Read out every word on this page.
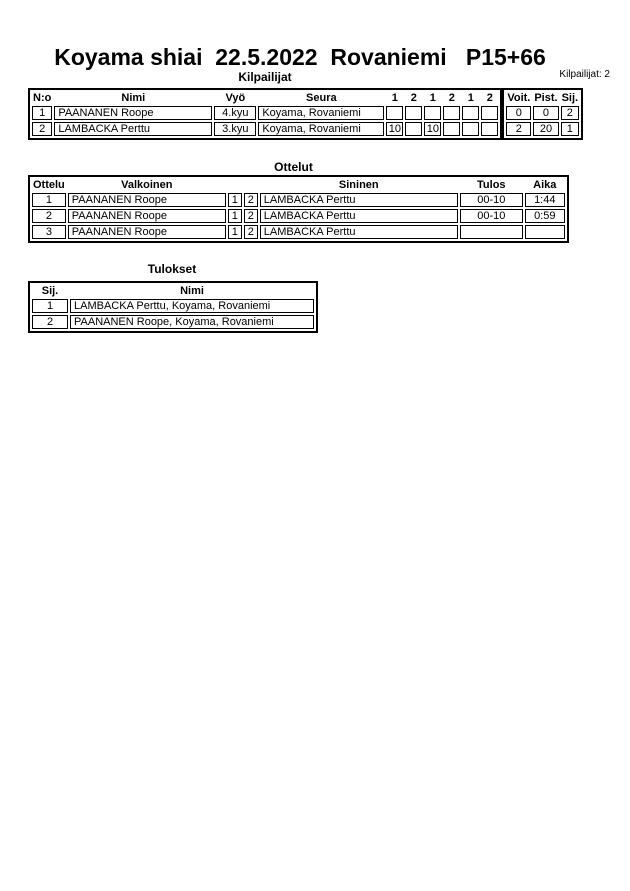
Koyama shiai  22.5.2022  Rovaniemi   P15+66
Kilpailijat	Kilpailijat: 2
N:o	Nimi	Vyö	Seura	1	2	1	2	1	2
1	PAANANEN Roope	4.kyu	Koyama, Rovaniemi						
2	LAMBACKA Perttu	3.kyu	Koyama, Rovaniemi	10		10			
Voit.	Pist.	Sij.
0	0	2
2	20	1
Ottelut
Ottelu	Valkoinen			Sininen	Tulos	Aika
1	PAANANEN Roope	1	2	LAMBACKA Perttu	00-10	1:44
2	PAANANEN Roope	1	2	LAMBACKA Perttu	00-10	0:59
3	PAANANEN Roope	1	2	LAMBACKA Perttu		
Tulokset
Sij.	Nimi
1	LAMBACKA Perttu, Koyama, Rovaniemi
2	PAANANEN Roope, Koyama, Rovaniemi
